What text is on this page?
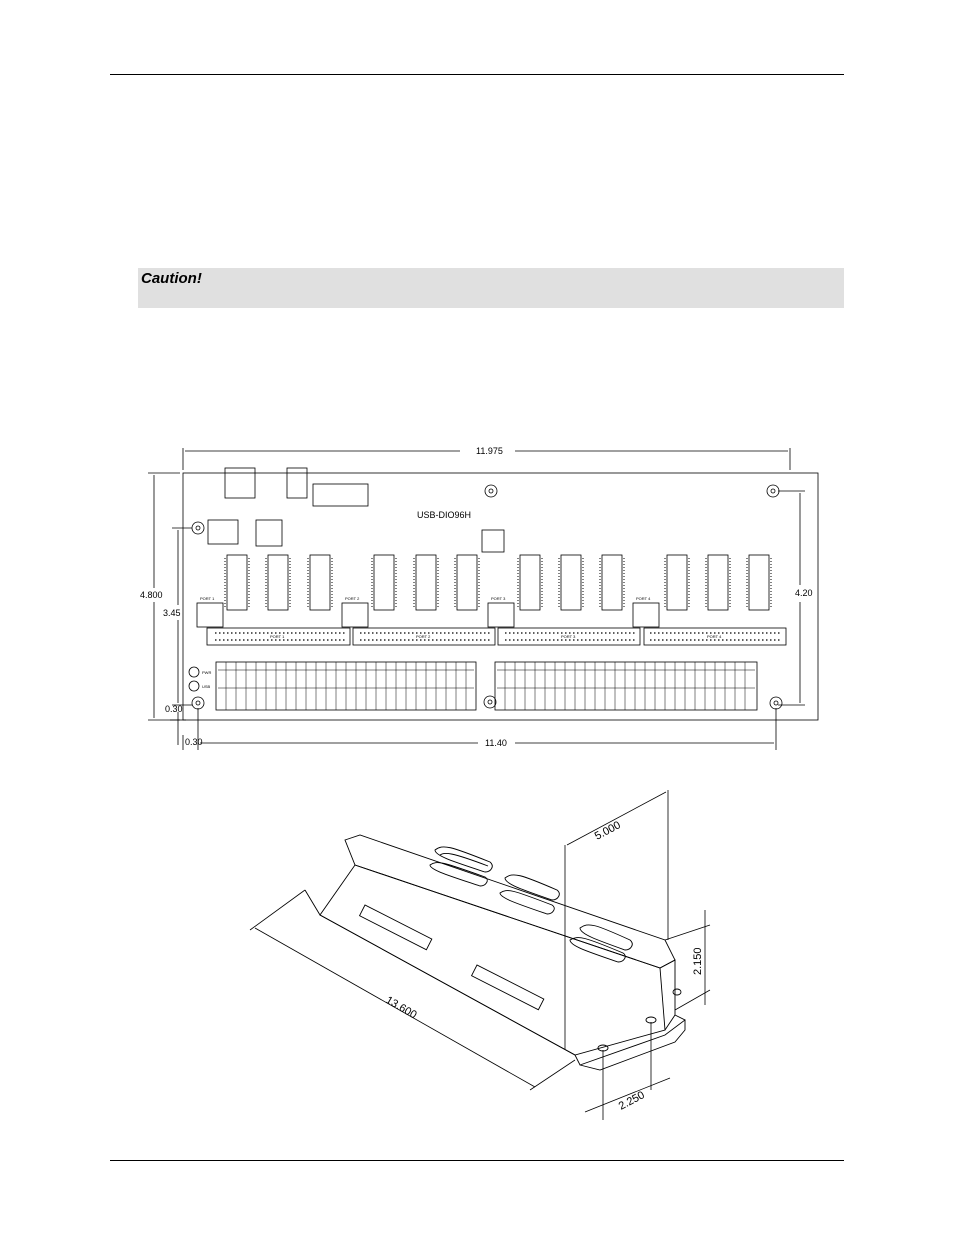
Caution!
11.975
4.800
3.45
4.20
0.30
0.30	11.40
USB-DIO96H
PORT 1	PORT 2	PORT 3	PORT 4
PORT 1	PORT 2	PORT 3	PORT 4
PWR
USB
5.000
2.150
13.600
2.250
